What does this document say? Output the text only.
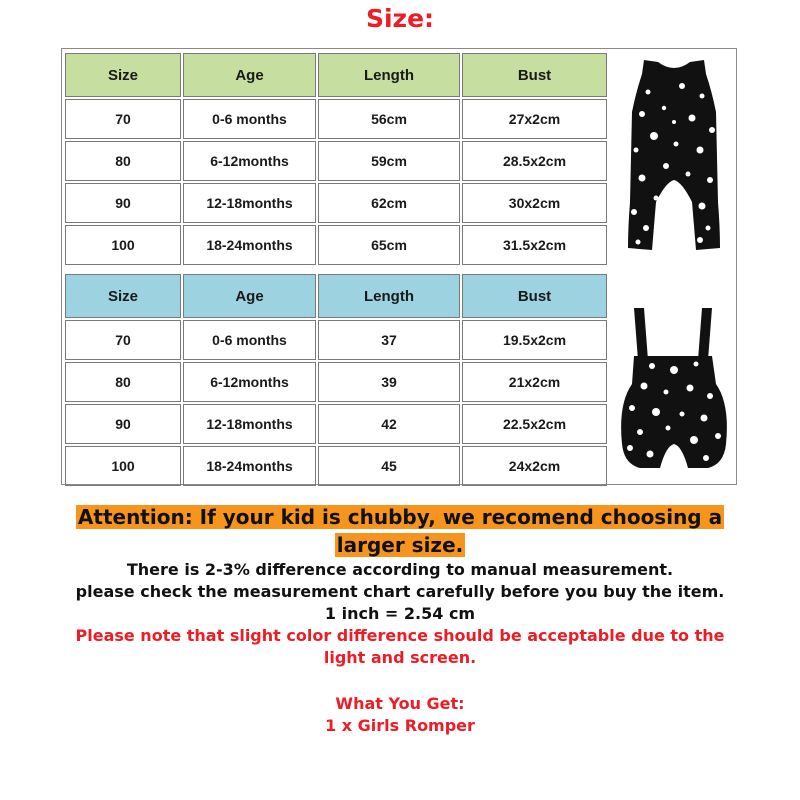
Size:
Size	Age	Length	Bust
70	0-6 months	56cm	27x2cm
80	6-12months	59cm	28.5x2cm
90	12-18months	62cm	30x2cm
100	18-24months	65cm	31.5x2cm
Size	Age	Length	Bust
70	0-6 months	37	19.5x2cm
80	6-12months	39	21x2cm
90	12-18months	42	22.5x2cm
100	18-24months	45	24x2cm
Attention: If your kid is chubby, we recomend choosing a larger size.
There is 2-3% difference according to manual measurement.
please check the measurement chart carefully before you buy the item.
1 inch = 2.54 cm
Please note that slight color difference should be acceptable due to the light and screen.
What You Get:
1 x Girls Romper
